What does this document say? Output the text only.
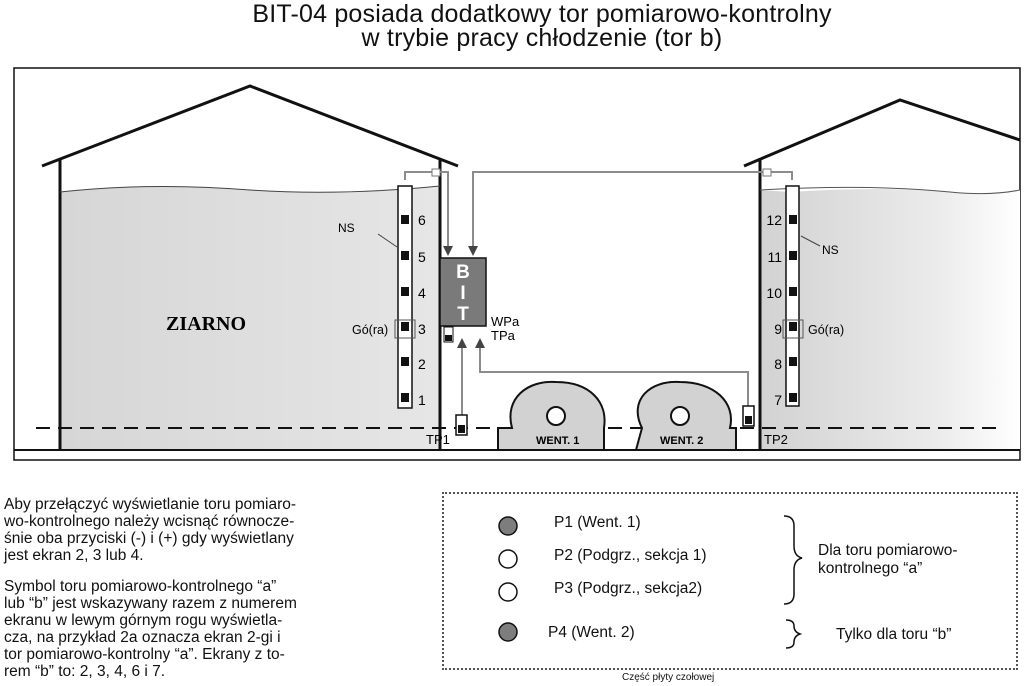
BIT-04 posiada dodatkowy tor pomiarowo-kontrolny
w trybie pracy chłodzenie (tor b)
NS
Gó(ra)
6
5
4
3
2
1
NS
Gó(ra)
12
11
10
9
8
7
ZIARNO
B
I
T WPa
TPa
TP1	TP2
WENT. 1	WENT. 2
Aby przełączyć wyświetlanie toru pomiaro-
wo-kontrolnego należy wcisnąć równocze-
śnie oba przyciski (-) i (+) gdy wyświetlany
jest ekran 2, 3 lub 4.
Symbol toru pomiarowo-kontrolnego “a”
lub “b” jest wskazywany razem z numerem
ekranu w lewym górnym rogu wyświetla-
cza, na przykład 2a oznacza ekran 2-gi i
tor pomiarowo-kontrolny “a”. Ekrany z to-
rem “b” to: 2, 3, 4, 6 i 7.
P1 (Went. 1)
P2 (Podgrz., sekcja 1)
P3 (Podgrz., sekcja2)
P4 (Went. 2)
Dla toru pomiarowo-
kontrolnego “a”
Tylko dla toru “b”
Część płyty czołowej
